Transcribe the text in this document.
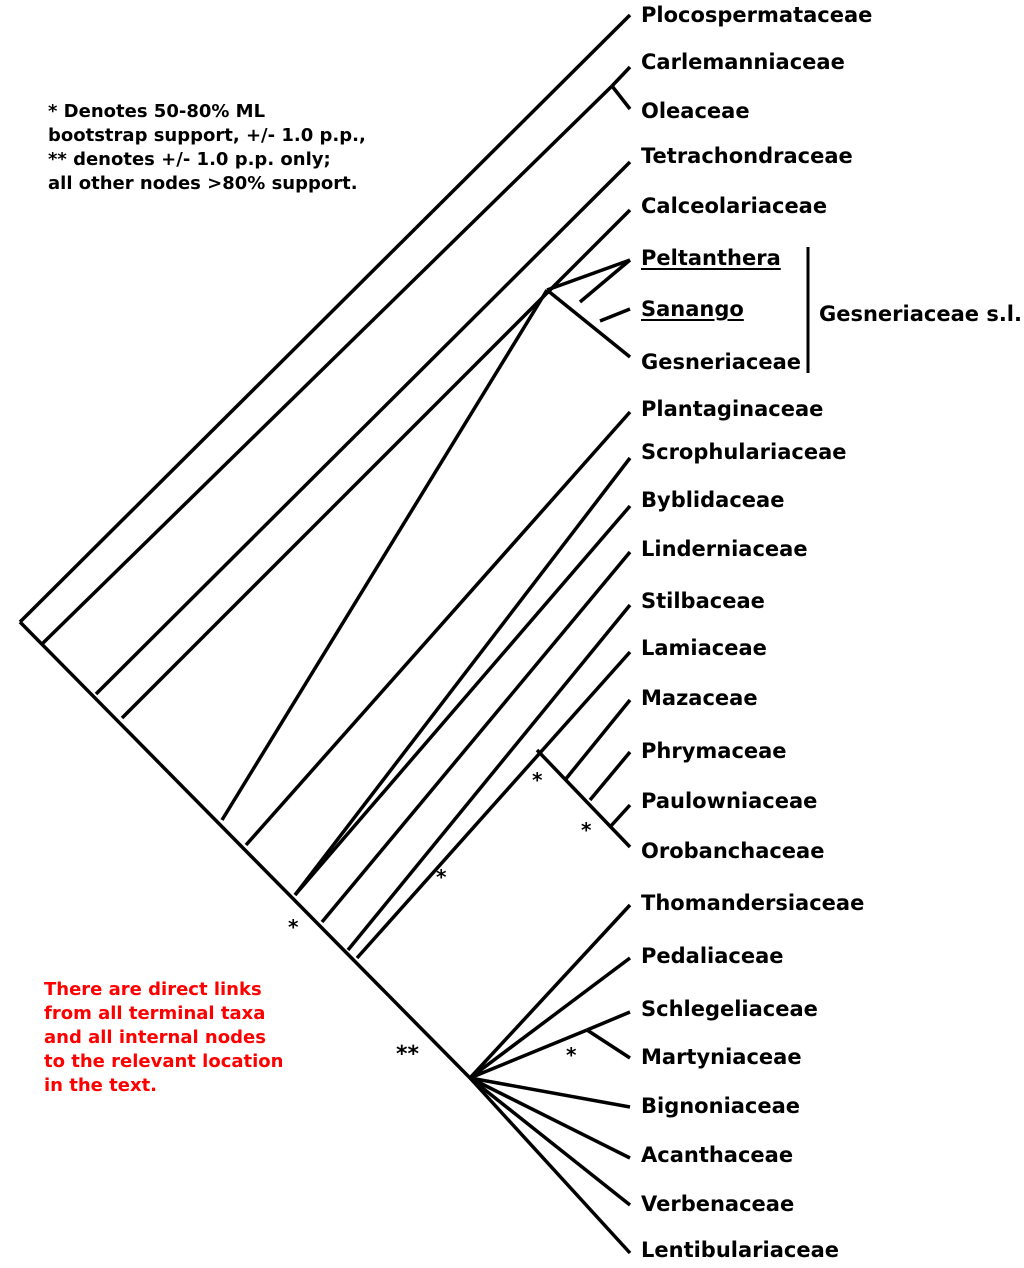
Plocospermataceae
Carlemanniaceae
Oleaceae
Tetrachondraceae
Calceolariaceae
Peltanthera
Sanango
Gesneriaceae
Plantaginaceae
Scrophulariaceae
Byblidaceae
Linderniaceae
Stilbaceae
Lamiaceae
Mazaceae
Phrymaceae
Paulowniaceae
Orobanchaceae
Thomandersiaceae
Pedaliaceae
Schlegeliaceae
Martyniaceae
Bignoniaceae
Acanthaceae
Verbenaceae
Lentibulariaceae
Gesneriaceae s.l.
* Denotes 50-80% ML
bootstrap support, +/- 1.0 p.p.,
** denotes +/- 1.0 p.p. only;
all other nodes >80% support.
There are direct links
from all terminal taxa
and all internal nodes
to the relevant location
in the text.
*
*
*
*
*
**
